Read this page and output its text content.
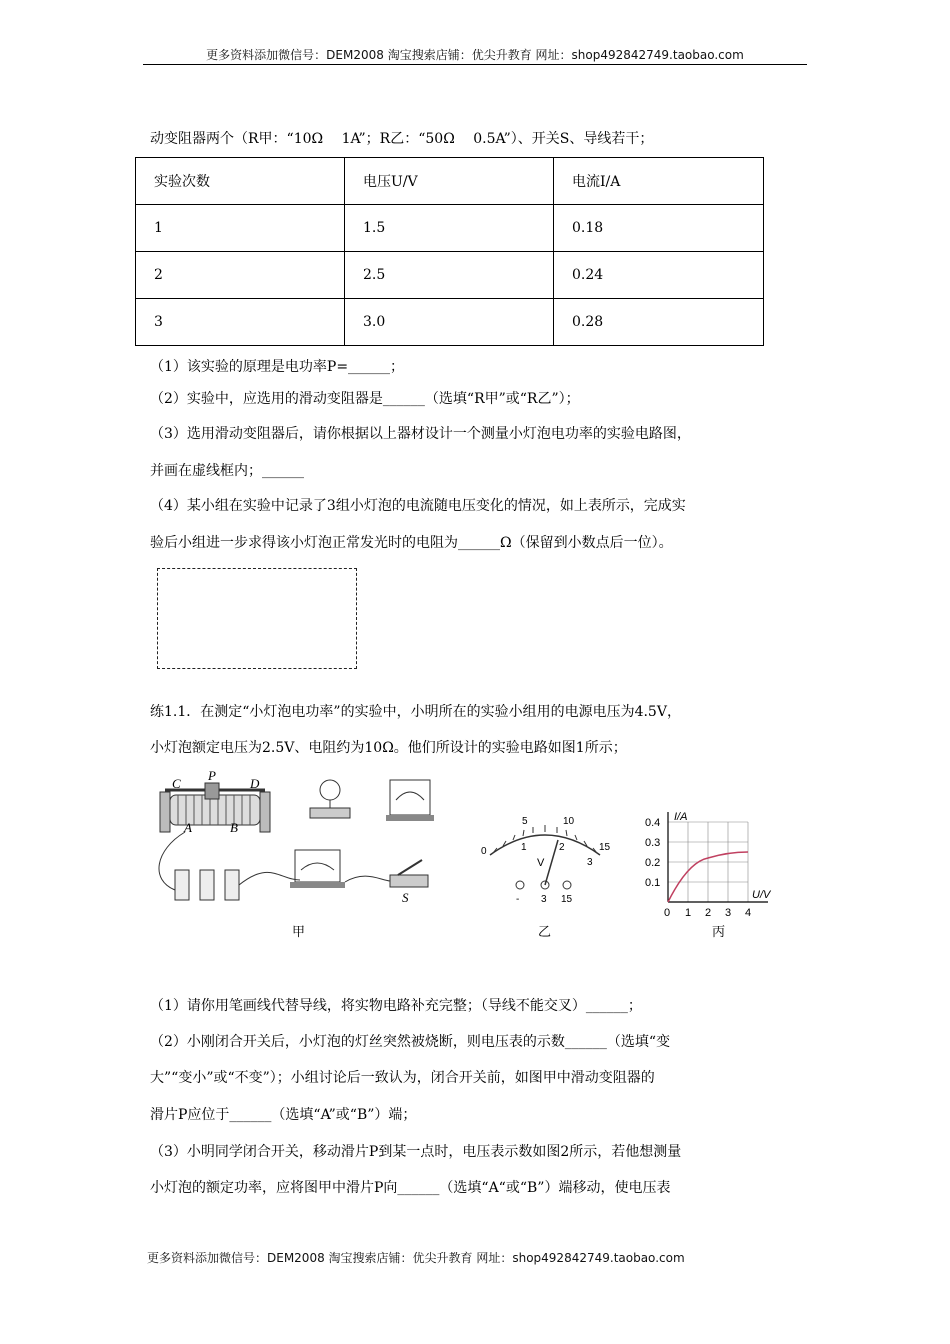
更多资料添加微信号：DEM2008 淘宝搜索店铺：优尖升教育 网址：shop492842749.taobao.com
动变阻器两个（R甲：“10Ω　 1A”；R乙：“50Ω　 0.5A”）、开关S、导线若干；
实验次数	电压U/V	电流I/A
1	1.5	0.18
2	2.5	0.24
3	3.0	0.28
（1）该实验的原理是电功率P=______；
（2）实验中，应选用的滑动变阻器是______（选填“R甲”或“R乙”）；
（3）选用滑动变阻器后，请你根据以上器材设计一个测量小灯泡电功率的实验电路图，
并画在虚线框内；______
（4）某小组在实验中记录了3组小灯泡的电流随电压变化的情况，如上表所示，完成实
验后小组进一步求得该小灯泡正常发光时的电阻为______Ω（保留到小数点后一位）。
练1.1．在测定“小灯泡电功率”的实验中，小明所在的实验小组用的电源电压为4.5V，
小灯泡额定电压为2.5V、电阻约为10Ω。他们所设计的实验电路如图1所示；
C
P
D
A	B
S
甲
5	10
15
0	1	2
3
V
- 3 15
乙
I/A
U/V
0.1
0.2
0.3
0.4
0 1 2 3 4
丙
（1）请你用笔画线代替导线，将实物电路补充完整；（导线不能交叉）______；
（2）小刚闭合开关后，小灯泡的灯丝突然被烧断，则电压表的示数______（选填“变
大”“变小”或“不变”）；小组讨论后一致认为，闭合开关前，如图甲中滑动变阻器的
滑片P应位于______（选填“A”或“B”）端；
（3）小明同学闭合开关，移动滑片P到某一点时，电压表示数如图2所示，若他想测量
小灯泡的额定功率，应将图甲中滑片P向______（选填“A“或“B”）端移动，使电压表
更多资料添加微信号：DEM2008 淘宝搜索店铺：优尖升教育 网址：shop492842749.taobao.com
